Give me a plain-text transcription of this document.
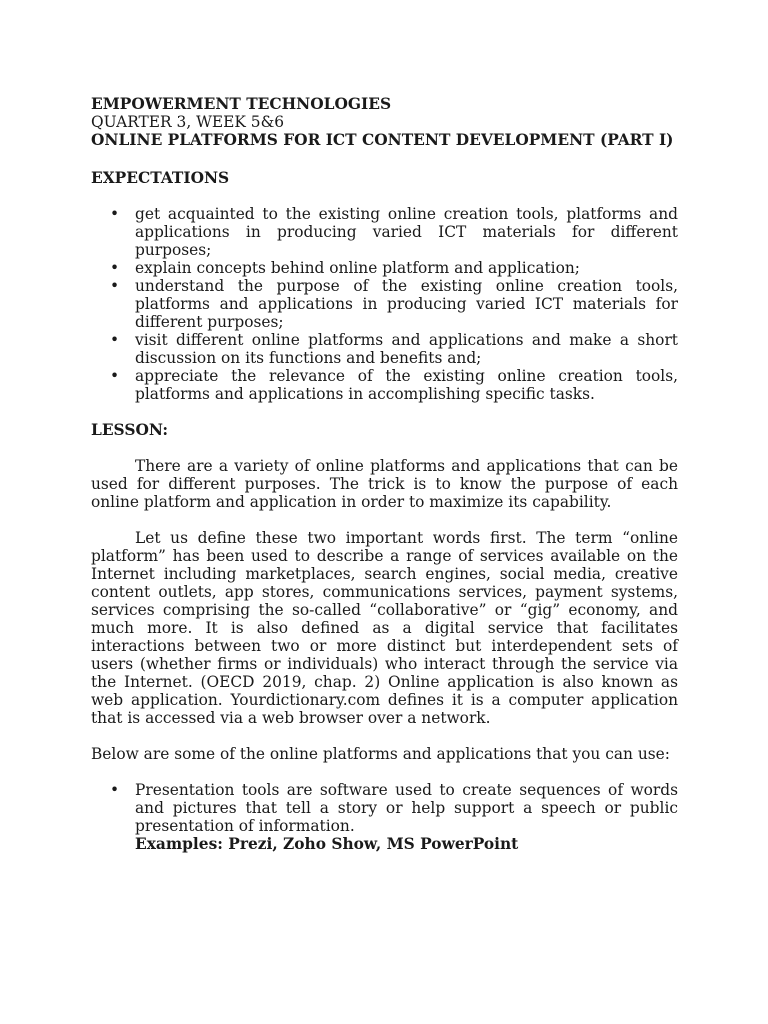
EMPOWERMENT TECHNOLOGIES

QUARTER 3, WEEK 5&6

ONLINE PLATFORMS FOR ICT CONTENT DEVELOPMENT (PART I)

EXPECTATIONS

• get acquainted to the existing online creation tools, platforms and applications in producing varied ICT materials for different purposes;
• explain concepts behind online platform and application;
• understand the purpose of the existing online creation tools, platforms and applications in producing varied ICT materials for different purposes;
• visit different online platforms and applications and make a short discussion on its functions and benefits and;
• appreciate the relevance of the existing online creation tools, platforms and applications in accomplishing specific tasks.

LESSON:

There are a variety of online platforms and applications that can be used for different purposes. The trick is to know the purpose of each online platform and application in order to maximize its capability.

Let us define these two important words first. The term “online platform” has been used to describe a range of services available on the Internet including marketplaces, search engines, social media, creative content outlets, app stores, communications services, payment systems, services comprising the so-called “collaborative” or “gig” economy, and much more. It is also defined as a digital service that facilitates interactions between two or more distinct but interdependent sets of users (whether firms or individuals) who interact through the service via the Internet. (OECD 2019, chap. 2) Online application is also known as web application. Yourdictionary.com defines it is a computer application that is accessed via a web browser over a network.

Below are some of the online platforms and applications that you can use:

• Presentation tools are software used to create sequences of words and pictures that tell a story or help support a speech or public presentation of information.
Examples: Prezi, Zoho Show, MS PowerPoint
